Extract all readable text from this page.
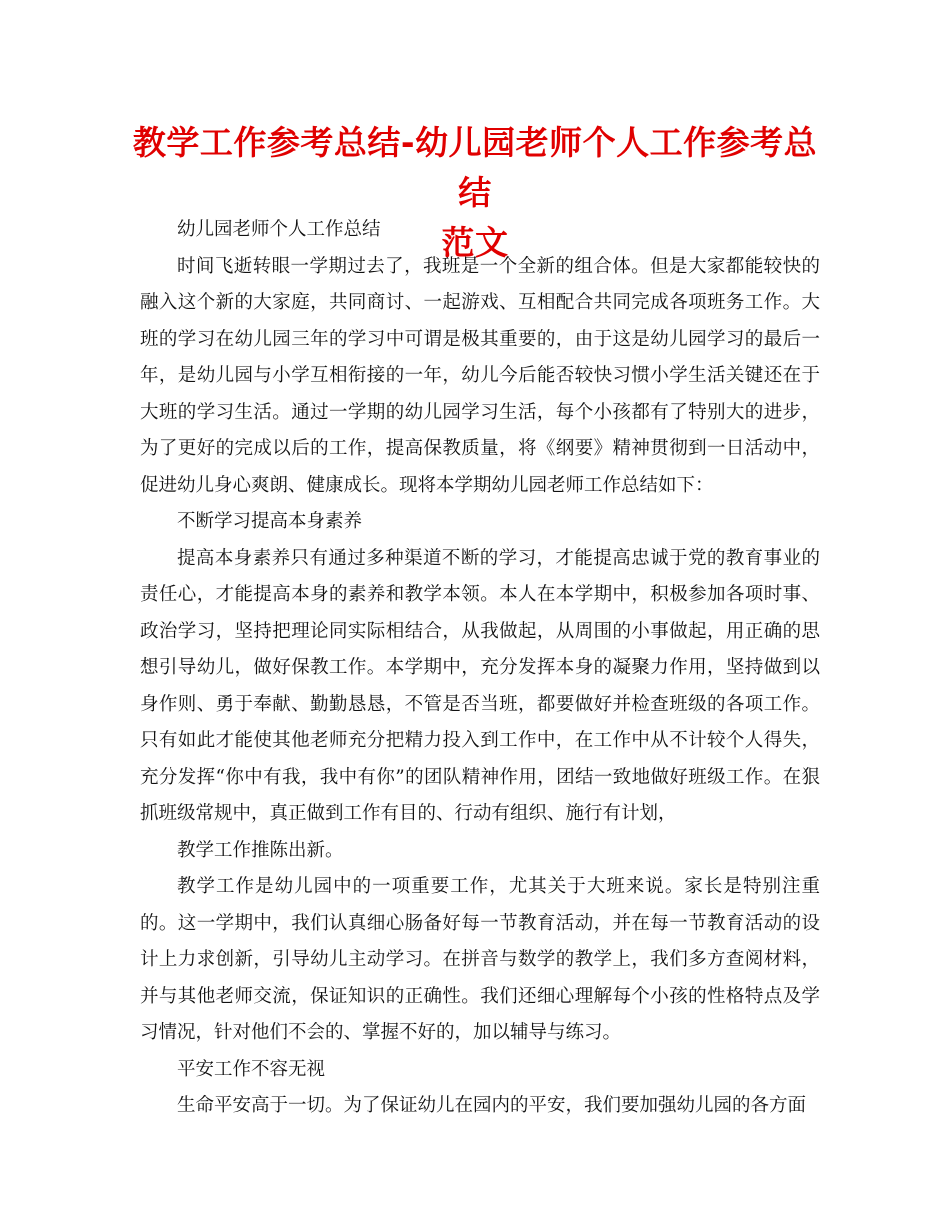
教学工作参考总结-幼儿园老师个人工作参考总结
范文

幼儿园老师个人工作总结

时间飞逝转眼一学期过去了，我班是一个全新的组合体。但是大家都能较快的融入这个新的大家庭，共同商讨、一起游戏、互相配合共同完成各项班务工作。大班的学习在幼儿园三年的学习中可谓是极其重要的，由于这是幼儿园学习的最后一年，是幼儿园与小学互相衔接的一年，幼儿今后能否较快习惯小学生活关键还在于大班的学习生活。通过一学期的幼儿园学习生活，每个小孩都有了特别大的进步，为了更好的完成以后的工作，提高保教质量，将《纲要》精神贯彻到一日活动中，促进幼儿身心爽朗、健康成长。现将本学期幼儿园老师工作总结如下：

不断学习提高本身素养

提高本身素养只有通过多种渠道不断的学习，才能提高忠诚于党的教育事业的责任心，才能提高本身的素养和教学本领。本人在本学期中，积极参加各项时事、政治学习，坚持把理论同实际相结合，从我做起，从周围的小事做起，用正确的思想引导幼儿，做好保教工作。本学期中，充分发挥本身的凝聚力作用，坚持做到以身作则、勇于奉献、勤勤恳恳，不管是否当班，都要做好并检查班级的各项工作。只有如此才能使其他老师充分把精力投入到工作中，在工作中从不计较个人得失，充分发挥“你中有我，我中有你”的团队精神作用，团结一致地做好班级工作。在狠抓班级常规中，真正做到工作有目的、行动有组织、施行有计划，

教学工作推陈出新。

教学工作是幼儿园中的一项重要工作，尤其关于大班来说。家长是特别注重的。这一学期中，我们认真细心肠备好每一节教育活动，并在每一节教育活动的设计上力求创新，引导幼儿主动学习。在拼音与数学的教学上，我们多方查阅材料，并与其他老师交流，保证知识的正确性。我们还细心理解每个小孩的性格特点及学习情况，针对他们不会的、掌握不好的，加以辅导与练习。

平安工作不容无视

生命平安高于一切。为了保证幼儿在园内的平安，我们要加强幼儿园的各方面
